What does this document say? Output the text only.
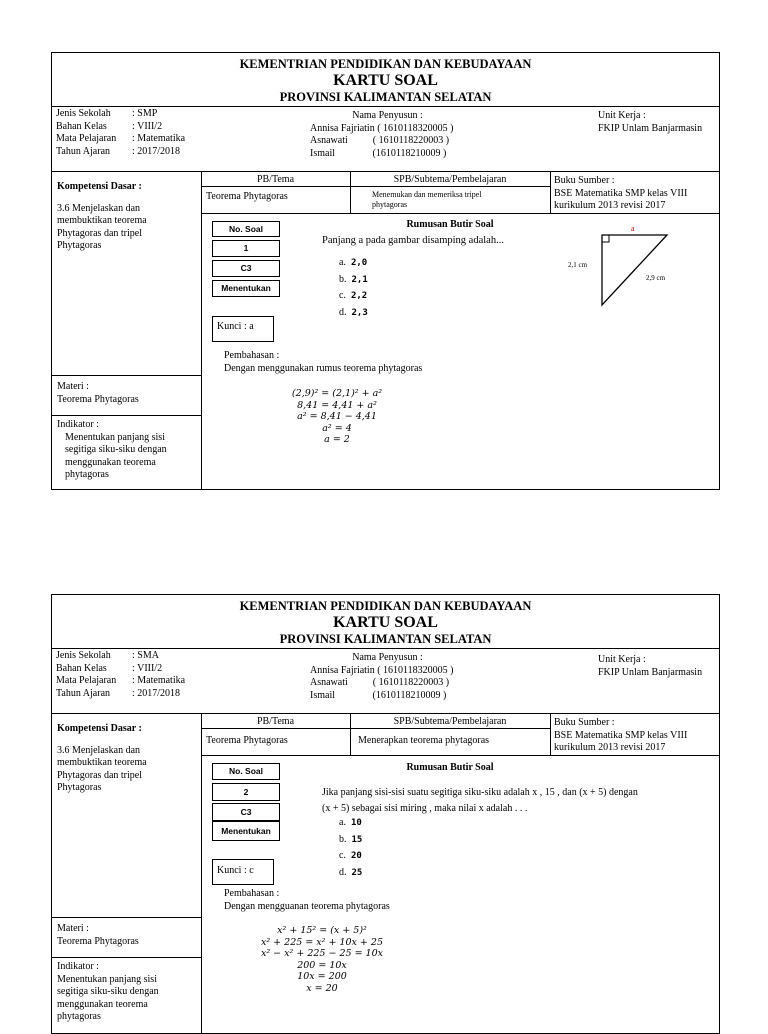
KEMENTRIAN PENDIDIKAN DAN KEBUDAYAAN
KARTU SOAL
PROVINSI KALIMANTAN SELATAN
Jenis Sekolah
Bahan Kelas
Mata Pelajaran
Tahun Ajaran
: SMP
: VIII/2
: Matematika
: 2017/2018
Nama Penyusun :
Annisa Fajriatin ( 1610118320005 )
Asnawati          ( 1610118220003 )
Ismail               (1610118210009 )
Unit Kerja :
FKIP Unlam Banjarmasin
Kompetensi Dasar :
3.6 Menjelaskan dan
membuktikan teorema
Phytagoras dan tripel
Phytagoras
Materi :
Teorema Phytagoras
Indikator :
Menentukan panjang sisi
segitiga siku-siku dengan
menggunakan teorema
phytagoras
PB/Tema
Teorema Phytagoras
SPB/Subtema/Pembelajaran
Menemukan dan memeriksa tripel
phytagoras
Buku Sumber :
BSE Matematika SMP kelas VIII
kurikulum 2013 revisi 2017
No. Soal
1
C3
Menentukan
Kunci : a
Rumusan Butir Soal
Panjang a pada gambar disamping adalah...
a. 2,0
b. 2,1
c. 2,2
d. 2,3
a
2,1 cm
2,9 cm
Pembahasan :
Dengan menggunakan rumus teorema phytagoras
(2,9)² = (2,1)² + a²
8,41 = 4,41 + a²
a² = 8,41 − 4,41
a² = 4
a = 2
KEMENTRIAN PENDIDIKAN DAN KEBUDAYAAN
KARTU SOAL
PROVINSI KALIMANTAN SELATAN
Jenis Sekolah
Bahan Kelas
Mata Pelajaran
Tahun Ajaran
: SMA
: VIII/2
: Matematika
: 2017/2018
Nama Penyusun :
Annisa Fajriatin ( 1610118320005 )
Asnawati          ( 1610118220003 )
Ismail               (1610118210009 )
Unit Kerja :
FKIP Unlam Banjarmasin
Kompetensi Dasar :
3.6 Menjelaskan dan
membuktikan teorema
Phytagoras dan tripel
Phytagoras
Materi :
Teorema Phytagoras
Indikator :
Menentukan panjang sisi
segitiga siku-siku dengan
menggunakan teorema
phytagoras
PB/Tema
Teorema Phytagoras
SPB/Subtema/Pembelajaran
Menerapkan teorema phytagoras
Buku Sumber :
BSE Matematika SMP kelas VIII
kurikulum 2013 revisi 2017
No. Soal
2
C3
Menentukan
Kunci : c
Rumusan Butir Soal
Jika panjang sisi-sisi suatu segitiga siku-siku adalah x , 15 , dan (x + 5) dengan
(x + 5) sebagai sisi miring , maka nilai x adalah . . .
a. 10
b. 15
c. 20
d. 25
Pembahasan :
Dengan mengguanan teorema phytagoras
x² + 15² = (x + 5)²
x² + 225 = x² + 10x + 25
x² − x² + 225 − 25 = 10x
200 = 10x
10x = 200
x = 20
